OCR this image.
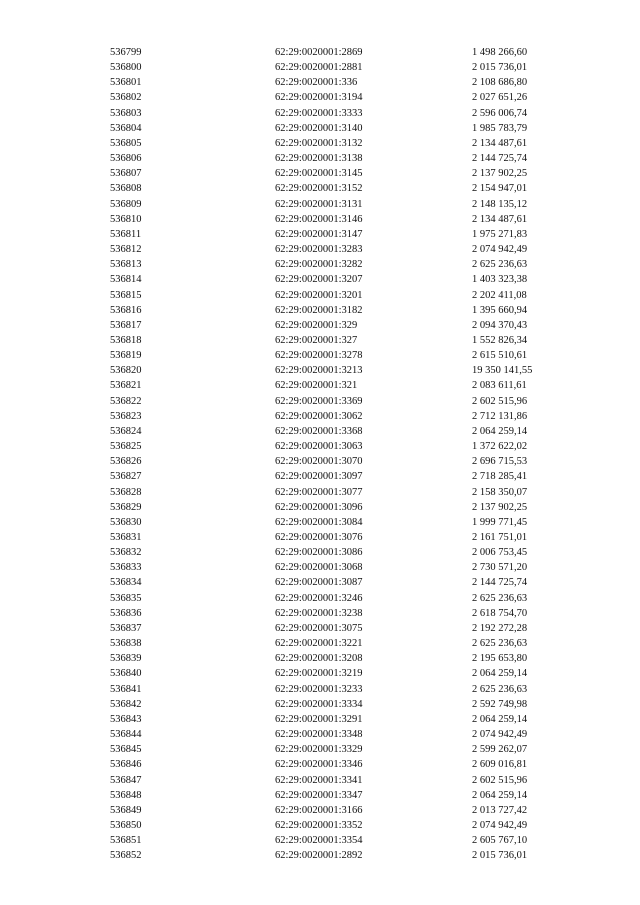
536799	62:29:0020001:2869	1 498 266,60
536800	62:29:0020001:2881	2 015 736,01
536801	62:29:0020001:336	2 108 686,80
536802	62:29:0020001:3194	2 027 651,26
536803	62:29:0020001:3333	2 596 006,74
536804	62:29:0020001:3140	1 985 783,79
536805	62:29:0020001:3132	2 134 487,61
536806	62:29:0020001:3138	2 144 725,74
536807	62:29:0020001:3145	2 137 902,25
536808	62:29:0020001:3152	2 154 947,01
536809	62:29:0020001:3131	2 148 135,12
536810	62:29:0020001:3146	2 134 487,61
536811	62:29:0020001:3147	1 975 271,83
536812	62:29:0020001:3283	2 074 942,49
536813	62:29:0020001:3282	2 625 236,63
536814	62:29:0020001:3207	1 403 323,38
536815	62:29:0020001:3201	2 202 411,08
536816	62:29:0020001:3182	1 395 660,94
536817	62:29:0020001:329	2 094 370,43
536818	62:29:0020001:327	1 552 826,34
536819	62:29:0020001:3278	2 615 510,61
536820	62:29:0020001:3213	19 350 141,55
536821	62:29:0020001:321	2 083 611,61
536822	62:29:0020001:3369	2 602 515,96
536823	62:29:0020001:3062	2 712 131,86
536824	62:29:0020001:3368	2 064 259,14
536825	62:29:0020001:3063	1 372 622,02
536826	62:29:0020001:3070	2 696 715,53
536827	62:29:0020001:3097	2 718 285,41
536828	62:29:0020001:3077	2 158 350,07
536829	62:29:0020001:3096	2 137 902,25
536830	62:29:0020001:3084	1 999 771,45
536831	62:29:0020001:3076	2 161 751,01
536832	62:29:0020001:3086	2 006 753,45
536833	62:29:0020001:3068	2 730 571,20
536834	62:29:0020001:3087	2 144 725,74
536835	62:29:0020001:3246	2 625 236,63
536836	62:29:0020001:3238	2 618 754,70
536837	62:29:0020001:3075	2 192 272,28
536838	62:29:0020001:3221	2 625 236,63
536839	62:29:0020001:3208	2 195 653,80
536840	62:29:0020001:3219	2 064 259,14
536841	62:29:0020001:3233	2 625 236,63
536842	62:29:0020001:3334	2 592 749,98
536843	62:29:0020001:3291	2 064 259,14
536844	62:29:0020001:3348	2 074 942,49
536845	62:29:0020001:3329	2 599 262,07
536846	62:29:0020001:3346	2 609 016,81
536847	62:29:0020001:3341	2 602 515,96
536848	62:29:0020001:3347	2 064 259,14
536849	62:29:0020001:3166	2 013 727,42
536850	62:29:0020001:3352	2 074 942,49
536851	62:29:0020001:3354	2 605 767,10
536852	62:29:0020001:2892	2 015 736,01
